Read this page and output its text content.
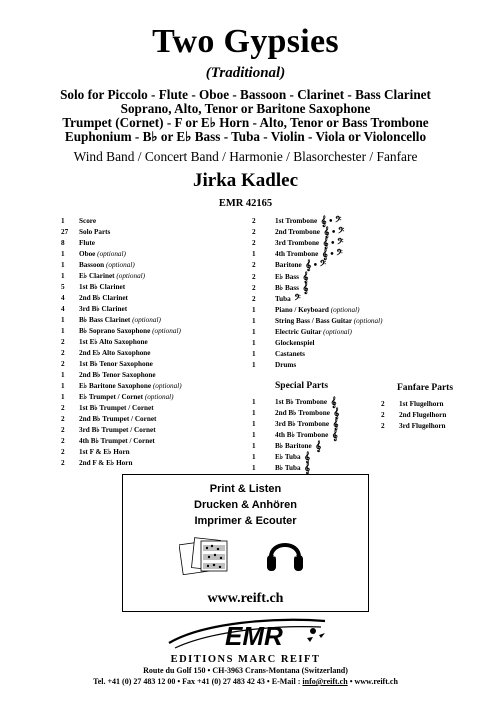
Two Gypsies
(Traditional)
Solo for Piccolo - Flute - Oboe - Bassoon - Clarinet - Bass Clarinet
Soprano, Alto, Tenor or Baritone Saxophone
Trumpet (Cornet) - F or E♭ Horn - Alto, Tenor or Bass Trombone
Euphonium - B♭ or E♭ Bass - Tuba - Violin - Viola or Violoncello
Wind Band / Concert Band / Harmonie / Blasorchester / Fanfare
Jirka Kadlec
EMR 42165
1	Score
27	Solo Parts
8	Flute
1	Oboe (optional)
1	Bassoon (optional)
1	E♭ Clarinet (optional)
5	1st B♭ Clarinet
4	2nd B♭ Clarinet
4	3rd B♭ Clarinet
1	B♭ Bass Clarinet (optional)
1	B♭ Soprano Saxophone (optional)
2	1st E♭ Alto Saxophone
2	2nd E♭ Alto Saxophone
2	1st B♭ Tenor Saxophone
1	2nd B♭ Tenor Saxophone
1	E♭ Baritone Saxophone (optional)
1	E♭ Trumpet / Cornet (optional)
2	1st B♭ Trumpet / Cornet
2	2nd B♭ Trumpet / Cornet
2	3rd B♭ Trumpet / Cornet
2	4th B♭ Trumpet / Cornet
2	1st F & E♭ Horn
2	2nd F & E♭ Horn
2	1st Trombone 𝄞 • 𝄢
2	2nd Trombone 𝄞 • 𝄢
2	3rd Trombone 𝄞 • 𝄢
1	4th Trombone 𝄞 • 𝄢
2	Baritone 𝄞 • 𝄢
2	E♭ Bass 𝄞
2	B♭ Bass 𝄞
2	Tuba 𝄢
1	Piano / Keyboard (optional)
1	String Bass / Bass Guitar (optional)
1	Electric Guitar (optional)
1	Glockenspiel
1	Castanets
1	Drums
Special Parts
1	1st B♭ Trombone 𝄞
1	2nd B♭ Trombone 𝄞
1	3rd B♭ Trombone 𝄞
1	4th B♭ Trombone 𝄞
1	B♭ Baritone 𝄞
1	E♭ Tuba 𝄞
1	B♭ Tuba 𝄞
Fanfare Parts
2	1st Flugelhorn
2	2nd Flugelhorn
2	3rd Flugelhorn
Print & Listen
Drucken & Anhören
Imprimer & Ecouter
www.reift.ch
EMR
EDITIONS MARC REIFT
Route du Golf 150 • CH-3963 Crans-Montana (Switzerland)
Tel. +41 (0) 27 483 12 00 • Fax +41 (0) 27 483 42 43 • E-Mail : info@reift.ch • www.reift.ch
